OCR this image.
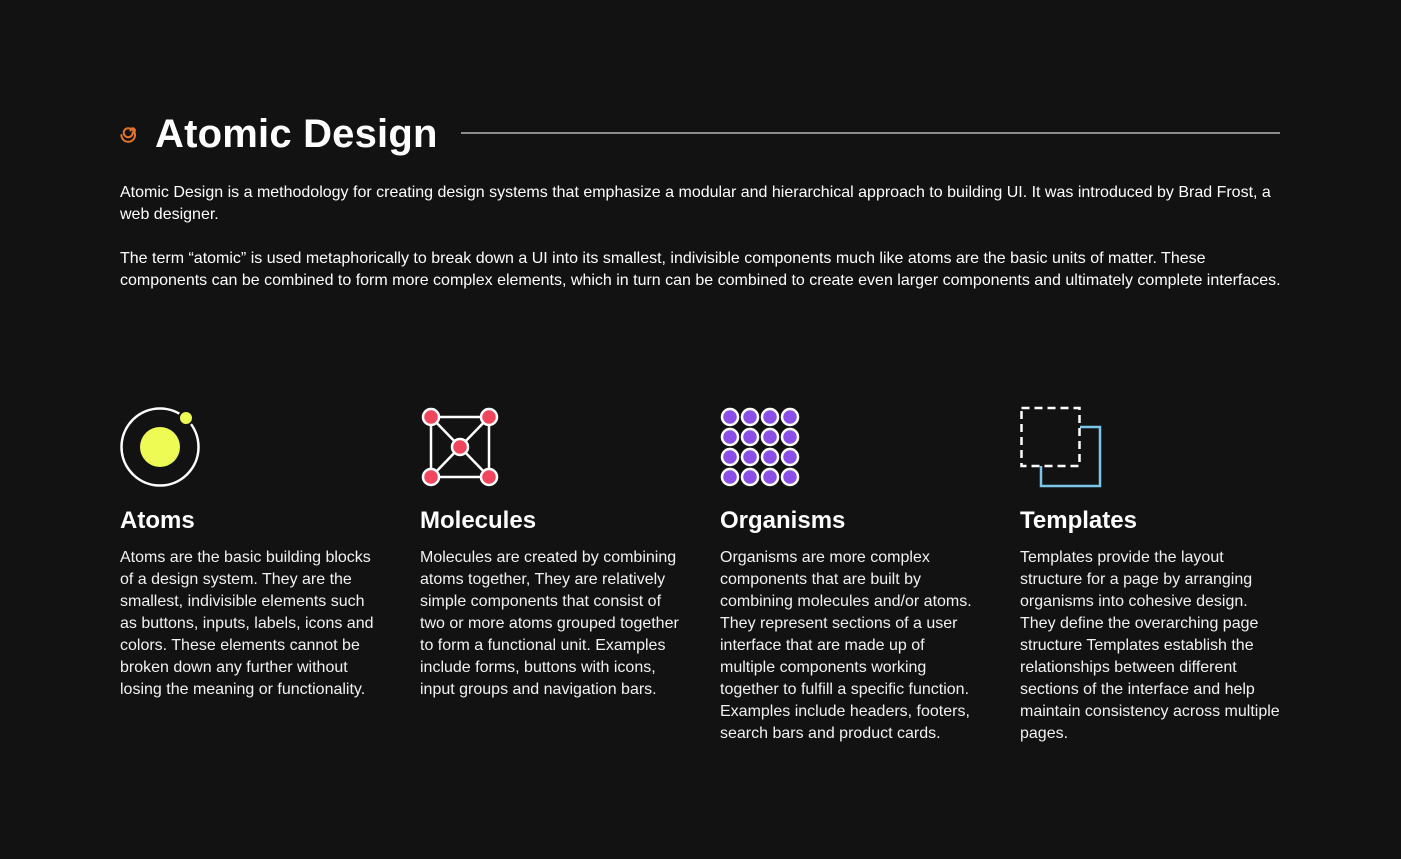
Atomic Design

Atomic Design is a methodology for creating design systems that emphasize a modular and hierarchical approach to building UI. It was introduced by Brad Frost, a web designer.

The term “atomic” is used metaphorically to break down a UI into its smallest, indivisible components much like atoms are the basic units of matter. These components can be combined to form more complex elements, which in turn can be combined to create even larger components and ultimately complete interfaces.

Atoms

Atoms are the basic building blocks of a design system. They are the smallest, indivisible elements such as buttons, inputs, labels, icons and colors. These elements cannot be broken down any further without losing the meaning or functionality.

Molecules

Molecules are created by combining atoms together, They are relatively simple components that consist of two or more atoms grouped together to form a functional unit. Examples include forms, buttons with icons, input groups and navigation bars.

Organisms

Organisms are more complex components that are built by combining molecules and/or atoms. They represent sections of a user interface that are made up of multiple components working together to fulfill a specific function. Examples include headers, footers, search bars and product cards.

Templates

Templates provide the layout structure for a page by arranging organisms into cohesive design. They define the overarching page structure Templates establish the relationships between different sections of the interface and help maintain consistency across multiple pages.
